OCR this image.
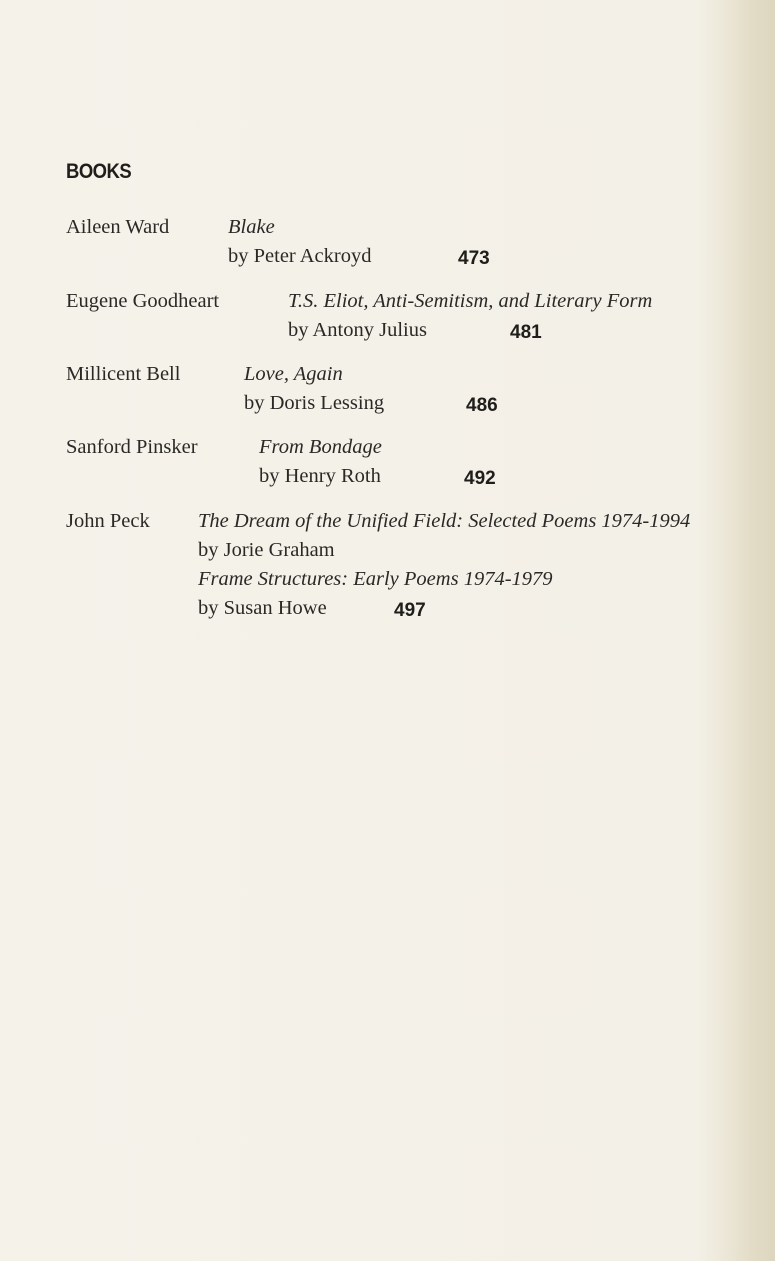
BOOKS
Aileen Ward	Blake
by Peter Ackroyd	473
Eugene Goodheart	T.S. Eliot, Anti-Semitism, and Literary Form
by Antony Julius	481
Millicent Bell	Love, Again
by Doris Lessing	486
Sanford Pinsker	From Bondage
by Henry Roth	492
John Peck The Dream of the Unified Field: Selected Poems 1974-1994
by Jorie Graham
Frame Structures: Early Poems 1974-1979
by Susan Howe	497
